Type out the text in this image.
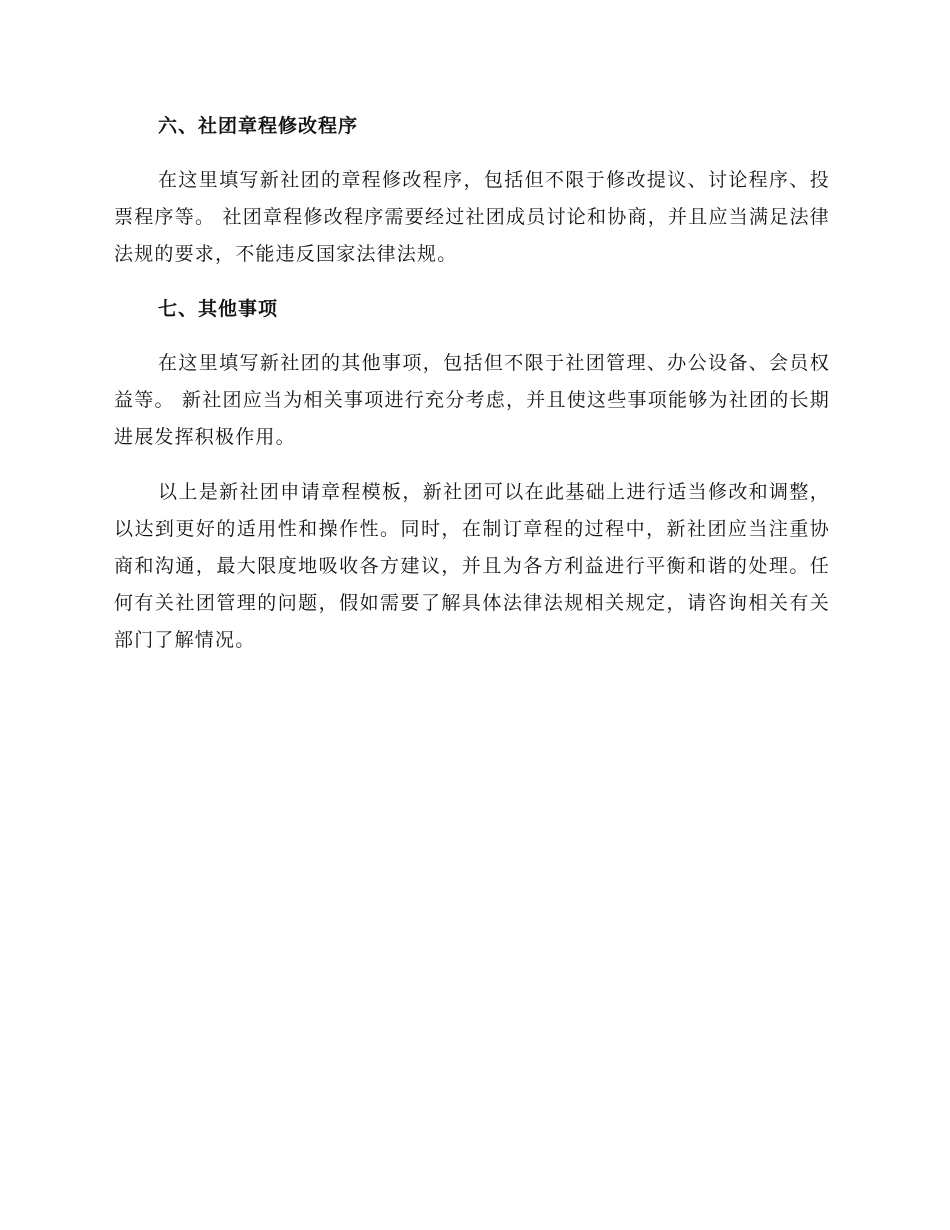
六、社团章程修改程序

在这里填写新社团的章程修改程序，包括但不限于修改提议、讨论程序、投票程序等。 社团章程修改程序需要经过社团成员讨论和协商，并且应当满足法律法规的要求，不能违反国家法律法规。

七、其他事项

在这里填写新社团的其他事项，包括但不限于社团管理、办公设备、会员权益等。 新社团应当为相关事项进行充分考虑，并且使这些事项能够为社团的长期进展发挥积极作用。

以上是新社团申请章程模板，新社团可以在此基础上进行适当修改和调整，以达到更好的适用性和操作性。同时，在制订章程的过程中，新社团应当注重协商和沟通，最大限度地吸收各方建议，并且为各方利益进行平衡和谐的处理。任何有关社团管理的问题，假如需要了解具体法律法规相关规定，请咨询相关有关部门了解情况。
